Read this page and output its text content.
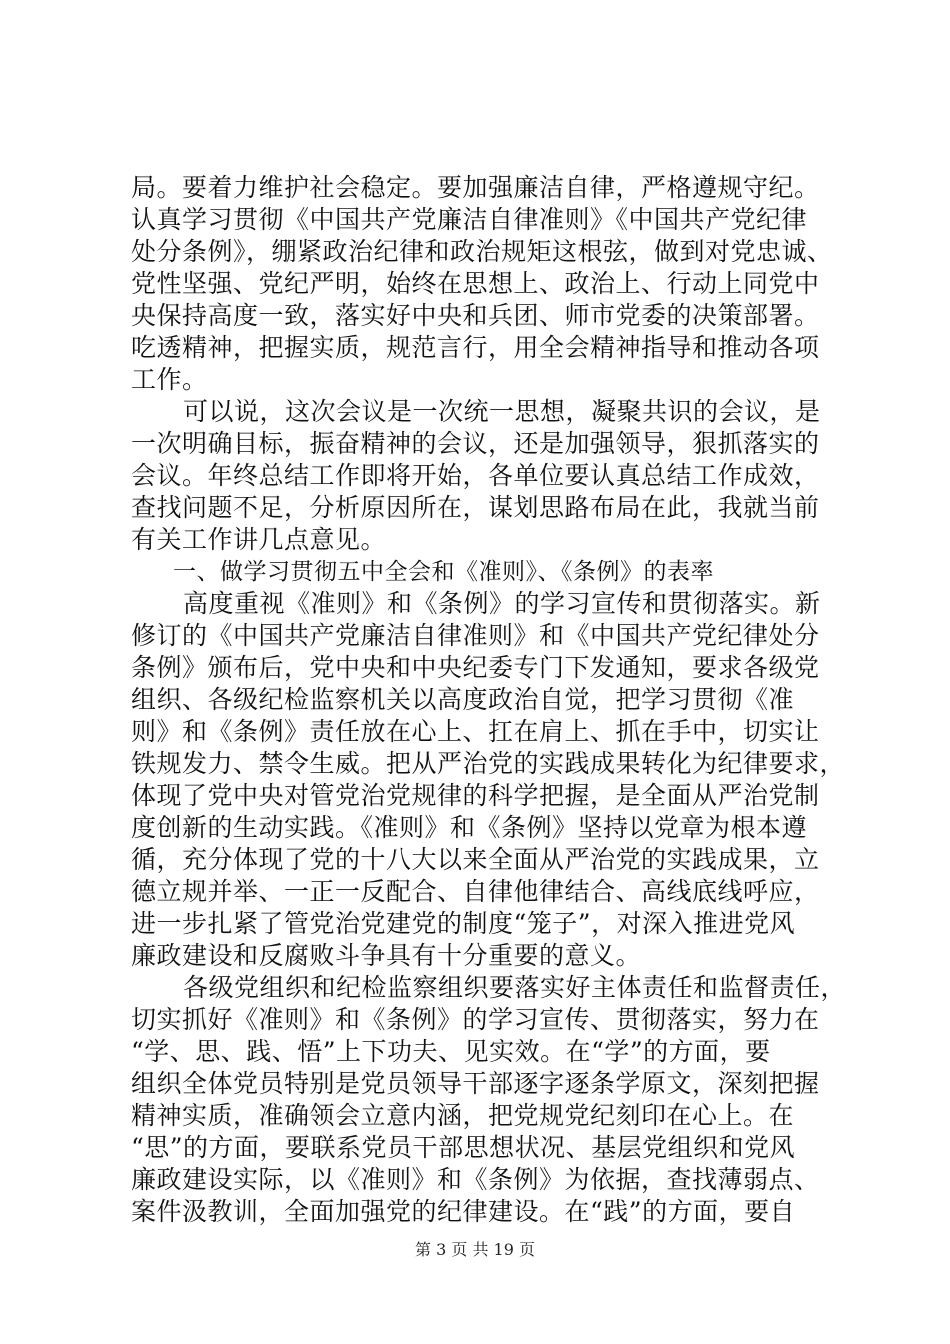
局。要着力维护社会稳定。要加强廉洁自律，严格遵规守纪。
认真学习贯彻《中国共产党廉洁自律准则》《中国共产党纪律
处分条例》，绷紧政治纪律和政治规矩这根弦，做到对党忠诚、
党性坚强、党纪严明，始终在思想上、政治上、行动上同党中
央保持高度一致，落实好中央和兵团、师市党委的决策部署。
吃透精神，把握实质，规范言行，用全会精神指导和推动各项
工作。
可以说，这次会议是一次统一思想，凝聚共识的会议，是
一次明确目标，振奋精神的会议，还是加强领导，狠抓落实的
会议。年终总结工作即将开始，各单位要认真总结工作成效，
查找问题不足，分析原因所在，谋划思路布局在此，我就当前
有关工作讲几点意见。
一、做学习贯彻五中全会和《准则》、《条例》的表率
高度重视《准则》和《条例》的学习宣传和贯彻落实。新
修订的《中国共产党廉洁自律准则》和《中国共产党纪律处分
条例》颁布后，党中央和中央纪委专门下发通知，要求各级党
组织、各级纪检监察机关以高度政治自觉，把学习贯彻《准
则》和《条例》责任放在心上、扛在肩上、抓在手中，切实让
铁规发力、禁令生威。把从严治党的实践成果转化为纪律要求，
体现了党中央对管党治党规律的科学把握，是全面从严治党制
度创新的生动实践。《准则》和《条例》坚持以党章为根本遵
循，充分体现了党的十八大以来全面从严治党的实践成果，立
德立规并举、一正一反配合、自律他律结合、高线底线呼应，
进一步扎紧了管党治党建党的制度“笼子”，对深入推进党风
廉政建设和反腐败斗争具有十分重要的意义。
各级党组织和纪检监察组织要落实好主体责任和监督责任，
切实抓好《准则》和《条例》的学习宣传、贯彻落实，努力在
“学、思、践、悟”上下功夫、见实效。在“学”的方面，要
组织全体党员特别是党员领导干部逐字逐条学原文，深刻把握
精神实质，准确领会立意内涵，把党规党纪刻印在心上。在
“思”的方面，要联系党员干部思想状况、基层党组织和党风
廉政建设实际，以《准则》和《条例》为依据，查找薄弱点、
案件汲教训，全面加强党的纪律建设。在“践”的方面，要自
第 3 页 共 19 页
